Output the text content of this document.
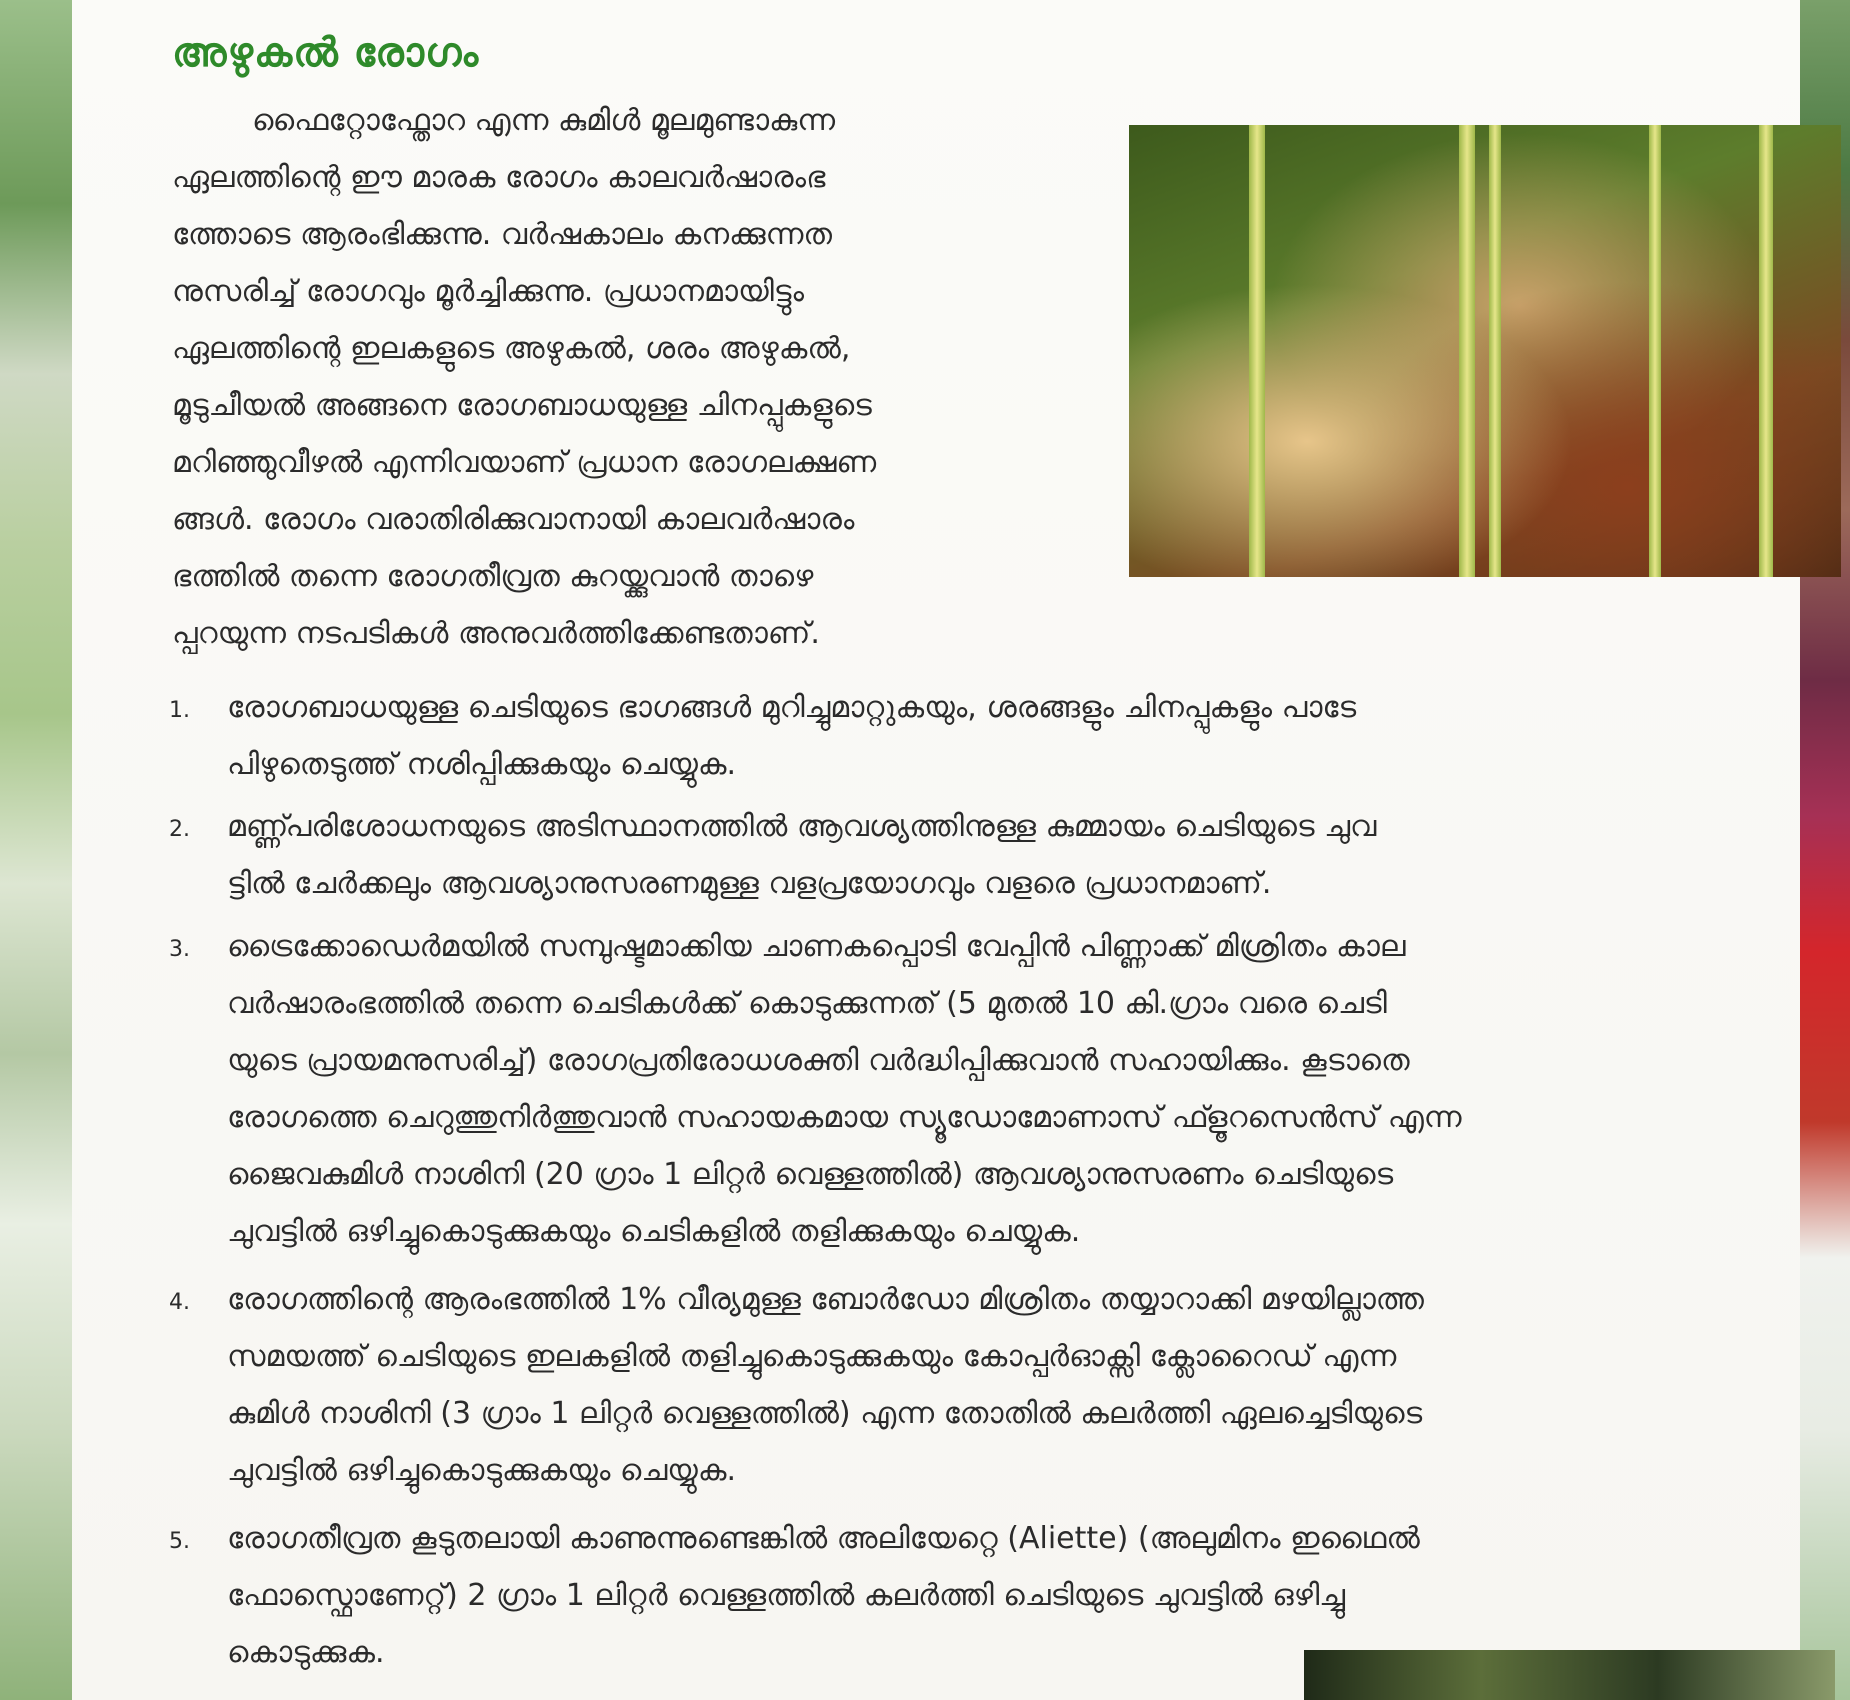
അഴുകൽ രോഗം
ഫൈറ്റോഫ്തോറ എന്ന കുമിൾ മൂലമുണ്ടാകുന്ന
ഏലത്തിന്റെ ഈ മാരക രോഗം കാലവർഷാരംഭ
ത്തോടെ ആരംഭിക്കുന്നു. വർഷകാലം കനക്കുന്നത
നുസരിച്ച് രോഗവും മൂർച്ചിക്കുന്നു. പ്രധാനമായിട്ടും
ഏലത്തിന്റെ ഇലകളുടെ അഴുകൽ, ശരം അഴുകൽ,
മൂടുചീയൽ അങ്ങനെ രോഗബാധയുള്ള ചിനപ്പുകളുടെ
മറിഞ്ഞുവീഴൽ എന്നിവയാണ് പ്രധാന രോഗലക്ഷണ
ങ്ങൾ. രോഗം വരാതിരിക്കുവാനായി കാലവർഷാരം
ഭത്തിൽ തന്നെ രോഗതീവ്രത കുറയ്ക്കുവാൻ താഴെ
പ്പറയുന്ന നടപടികൾ അനുവർത്തിക്കേണ്ടതാണ്.
1. രോഗബാധയുള്ള ചെടിയുടെ ഭാഗങ്ങൾ മുറിച്ചുമാറ്റുകയും, ശരങ്ങളും ചിനപ്പുകളും പാടേ
പിഴുതെടുത്ത് നശിപ്പിക്കുകയും ചെയ്യുക.
2. മണ്ണ്പരിശോധനയുടെ അടിസ്ഥാനത്തിൽ ആവശ്യത്തിനുള്ള കുമ്മായം ചെടിയുടെ ചുവ
ട്ടിൽ ചേർക്കലും ആവശ്യാനുസരണമുള്ള വളപ്രയോഗവും വളരെ പ്രധാനമാണ്.
3. ട്രൈക്കോഡെർമയിൽ സമ്പുഷ്ടമാക്കിയ ചാണകപ്പൊടി വേപ്പിൻ പിണ്ണാക്ക് മിശ്രിതം കാല
വർഷാരംഭത്തിൽ തന്നെ ചെടികൾക്ക് കൊടുക്കുന്നത് (5 മുതൽ 10 കി.ഗ്രാം വരെ ചെടി
യുടെ പ്രായമനുസരിച്ച്) രോഗപ്രതിരോധശക്തി വർദ്ധിപ്പിക്കുവാൻ സഹായിക്കും. കൂടാതെ
രോഗത്തെ ചെറുത്തുനിർത്തുവാൻ സഹായകമായ സ്യൂഡോമോണാസ് ഫ്ളൂറസെൻസ് എന്ന
ജൈവകുമിൾ നാശിനി (20 ഗ്രാം 1 ലിറ്റർ വെള്ളത്തിൽ) ആവശ്യാനുസരണം ചെടിയുടെ
ചുവട്ടിൽ ഒഴിച്ചുകൊടുക്കുകയും ചെടികളിൽ തളിക്കുകയും ചെയ്യുക.
4. രോഗത്തിന്റെ ആരംഭത്തിൽ 1% വീര്യമുള്ള ബോർഡോ മിശ്രിതം തയ്യാറാക്കി മഴയില്ലാത്ത
സമയത്ത് ചെടിയുടെ ഇലകളിൽ തളിച്ചുകൊടുക്കുകയും കോപ്പർഓക്സി ക്ലോറൈഡ് എന്ന
കുമിൾ നാശിനി (3 ഗ്രാം 1 ലിറ്റർ വെള്ളത്തിൽ) എന്ന തോതിൽ കലർത്തി ഏലച്ചെടിയുടെ
ചുവട്ടിൽ ഒഴിച്ചുകൊടുക്കുകയും ചെയ്യുക.
5. രോഗതീവ്രത കൂടുതലായി കാണുന്നുണ്ടെങ്കിൽ അലിയേറ്റെ (Aliette) (അലുമിനം ഇഥൈൽ
ഫോസ്ഫൊണേറ്റ്) 2 ഗ്രാം 1 ലിറ്റർ വെള്ളത്തിൽ കലർത്തി ചെടിയുടെ ചുവട്ടിൽ ഒഴിച്ചു
കൊടുക്കുക.
